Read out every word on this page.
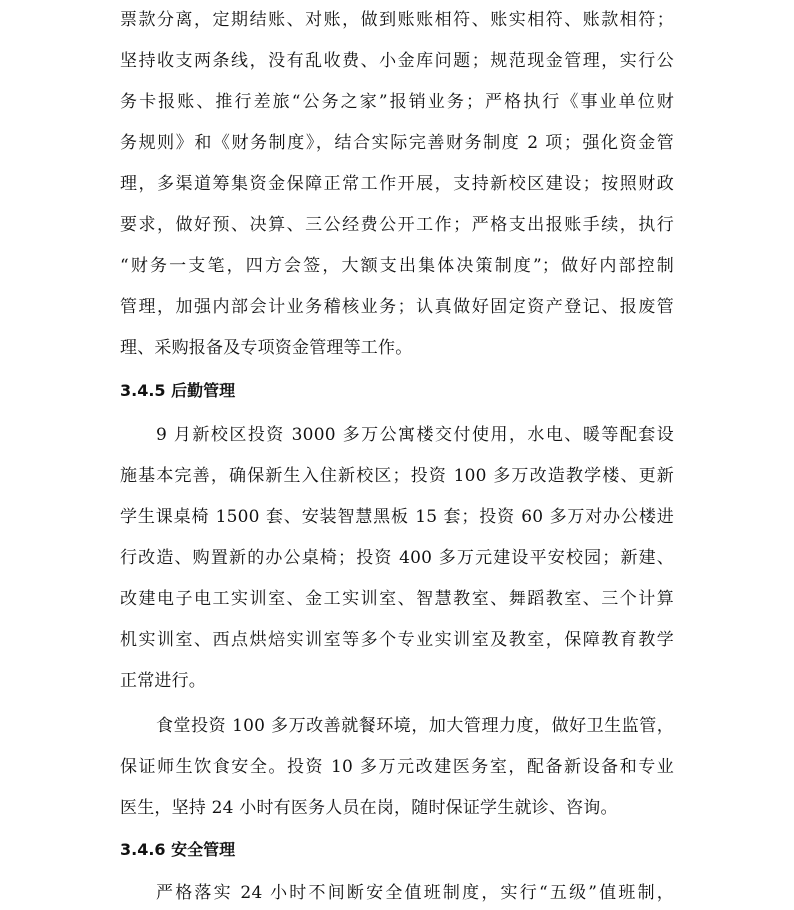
票款分离，定期结账、对账，做到账账相符、账实相符、账款相符；
坚持收支两条线，没有乱收费、小金库问题；规范现金管理，实行公
务卡报账、推行差旅“公务之家”报销业务；严格执行《事业单位财
务规则》和《财务制度》，结合实际完善财务制度 2 项；强化资金管
理，多渠道筹集资金保障正常工作开展，支持新校区建设；按照财政
要求，做好预、决算、三公经费公开工作；严格支出报账手续，执行
“财务一支笔，四方会签，大额支出集体决策制度”；做好内部控制
管理，加强内部会计业务稽核业务；认真做好固定资产登记、报废管
理、采购报备及专项资金管理等工作。
3.4.5 后勤管理
9 月新校区投资 3000 多万公寓楼交付使用，水电、暖等配套设
施基本完善，确保新生入住新校区；投资 100 多万改造教学楼、更新
学生课桌椅 1500 套、安装智慧黑板 15 套；投资 60 多万对办公楼进
行改造、购置新的办公桌椅；投资 400 多万元建设平安校园；新建、
改建电子电工实训室、金工实训室、智慧教室、舞蹈教室、三个计算
机实训室、西点烘焙实训室等多个专业实训室及教室，保障教育教学
正常进行。
食堂投资 100 多万改善就餐环境，加大管理力度，做好卫生监管，
保证师生饮食安全。投资 10 多万元改建医务室，配备新设备和专业
医生，坚持 24 小时有医务人员在岗，随时保证学生就诊、咨询。
3.4.6 安全管理
严格落实 24 小时不间断安全值班制度，实行“五级”值班制，
